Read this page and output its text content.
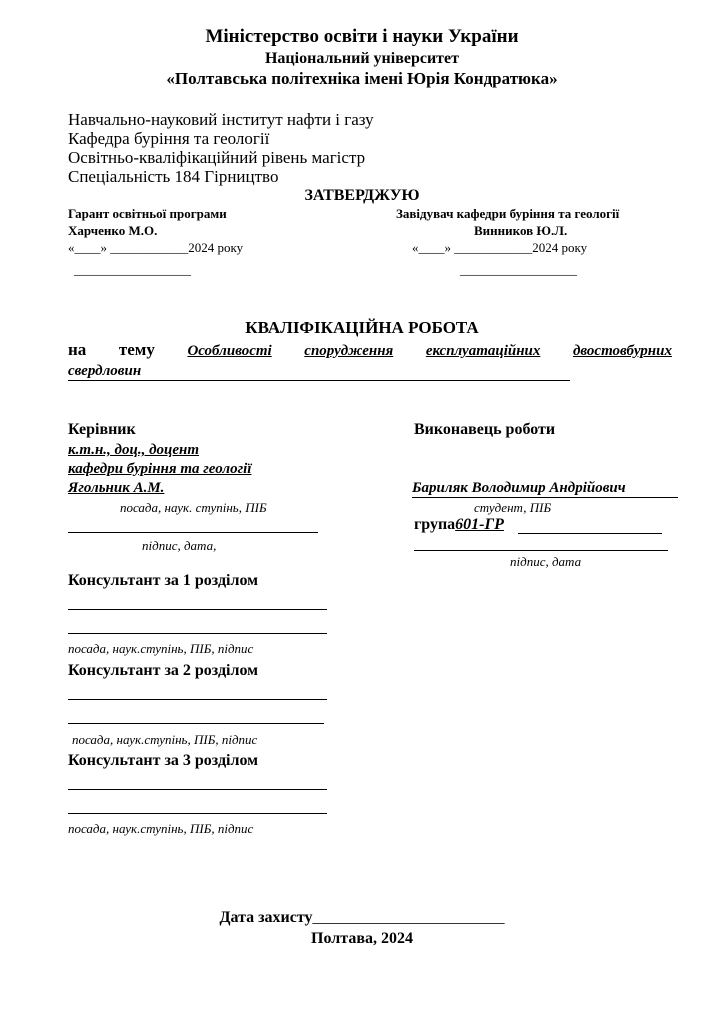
Міністерство освіти і науки України
Національний університет
«Полтавська політехніка імені Юрія Кондратюка»
Навчально-науковий інститут нафти і газу
Кафедра буріння та геології
Освітньо-кваліфікаційний рівень магістр
Спеціальність 184 Гірництво
ЗАТВЕРДЖУЮ
Гарант освітньої програми
Харченко М.О.
«____» ____________2024 року
__________________
Завідувач кафедри буріння та геології
Винников Ю.Л.
«____» ____________2024 року
__________________
КВАЛІФІКАЦІЙНА РОБОТА
на тему Особливості спорудження експлуатаційних двостовбурних
свердловин
Керівник
к.т.н., доц., доцент
кафедри буріння та геології
Ягольник А.М.
посада, наук. ступінь, ПІБ
підпис, дата,
Виконавець роботи
Бариляк Володимир Андрійович
студент, ПІБ
група601-ГР
підпис, дата
Консультант за 1 розділом
посада, наук.ступінь, ПІБ, підпис
Консультант за 2 розділом
посада, наук.ступінь, ПІБ, підпис
Консультант за 3 розділом
посада, наук.ступінь, ПІБ, підпис
Дата захисту________________________
Полтава, 2024
